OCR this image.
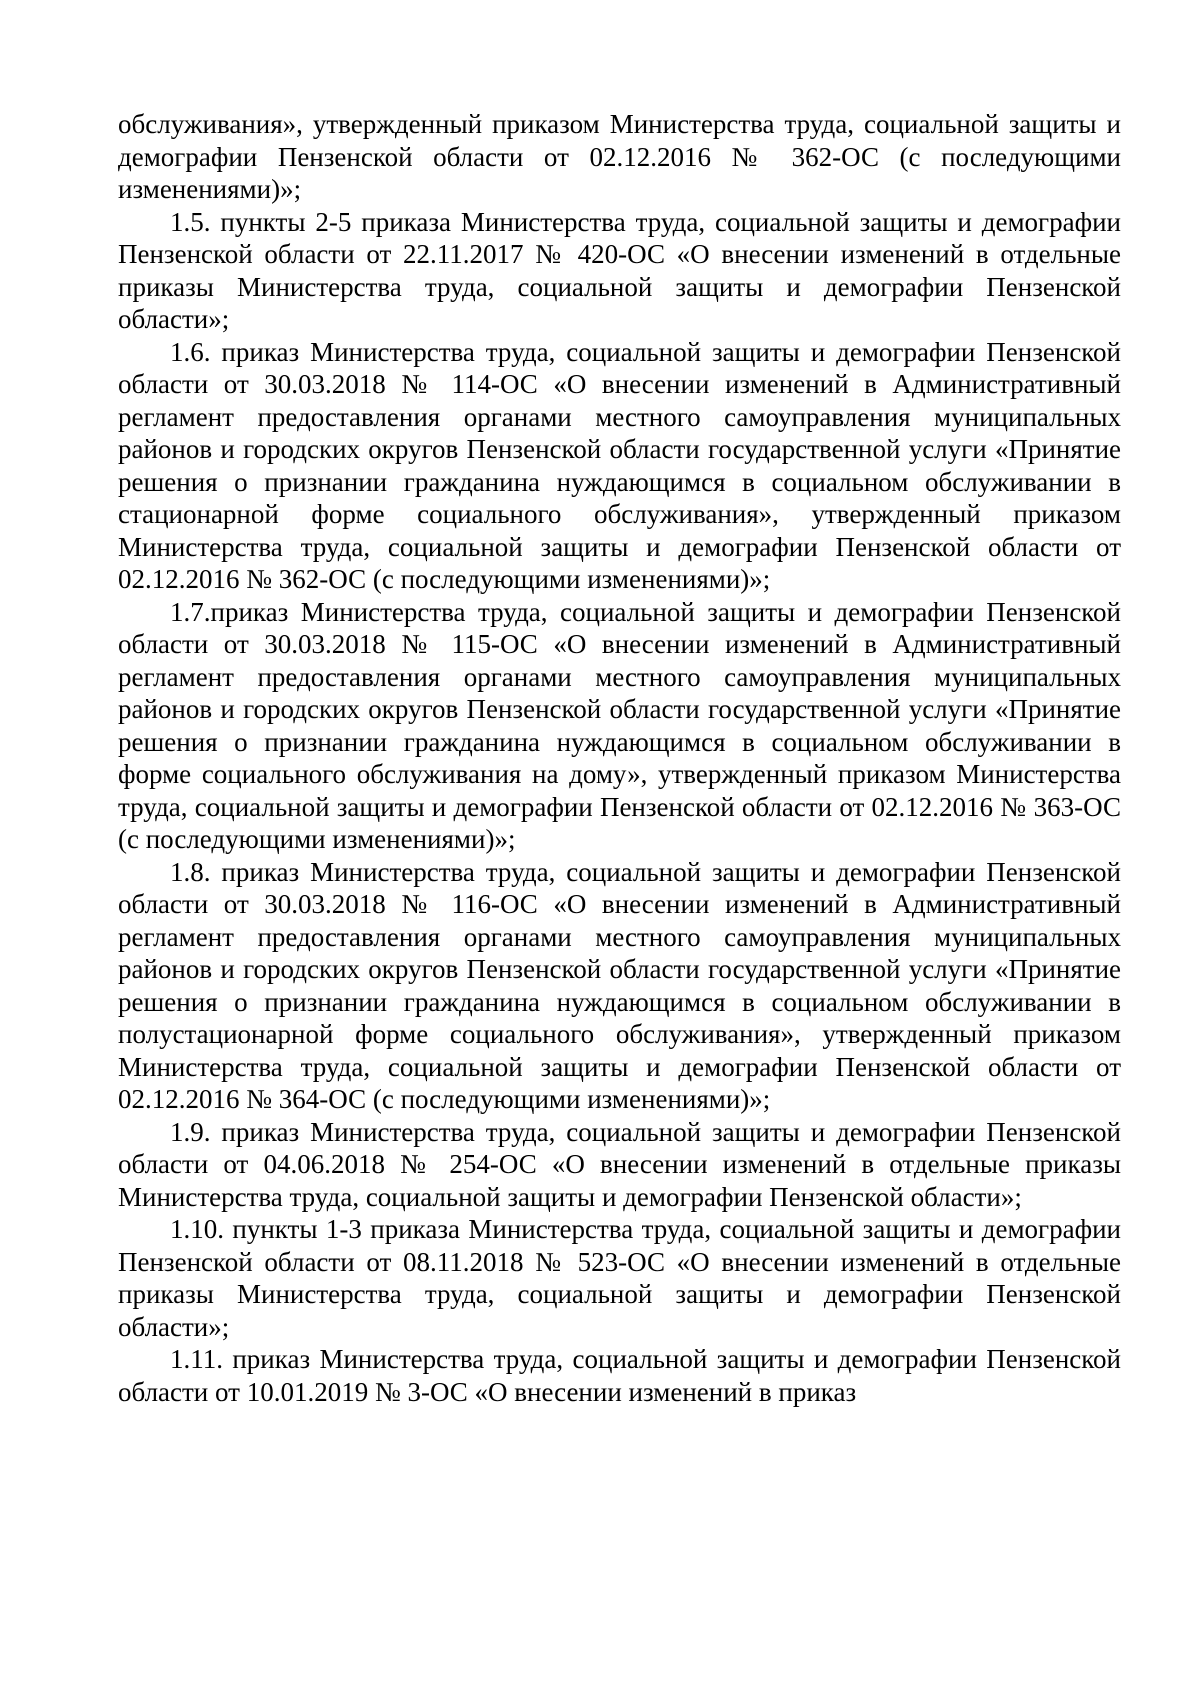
обслуживания», утвержденный приказом Министерства труда, социальной защиты и демографии Пензенской области от 02.12.2016 № 362-ОС (с последующими изменениями)»;

1.5. пункты 2-5 приказа Министерства труда, социальной защиты и демографии Пензенской области от 22.11.2017 № 420-ОС «О внесении изменений в отдельные приказы Министерства труда, социальной защиты и демографии Пензенской области»;

1.6. приказ Министерства труда, социальной защиты и демографии Пензенской области от 30.03.2018 № 114-ОС «О внесении изменений в Административный регламент предоставления органами местного самоуправления муниципальных районов и городских округов Пензенской области государственной услуги «Принятие решения о признании гражданина нуждающимся в социальном обслуживании в стационарной форме социального обслуживания», утвержденный приказом Министерства труда, социальной защиты и демографии Пензенской области от 02.12.2016 № 362-ОС (с последующими изменениями)»;

1.7.приказ Министерства труда, социальной защиты и демографии Пензенской области от 30.03.2018 № 115-ОС «О внесении изменений в Административный регламент предоставления органами местного самоуправления муниципальных районов и городских округов Пензенской области государственной услуги «Принятие решения о признании гражданина нуждающимся в социальном обслуживании в форме социального обслуживания на дому», утвержденный приказом Министерства труда, социальной защиты и демографии Пензенской области от 02.12.2016 № 363-ОС (с последующими изменениями)»;

1.8. приказ Министерства труда, социальной защиты и демографии Пензенской области от 30.03.2018 № 116-ОС «О внесении изменений в Административный регламент предоставления органами местного самоуправления муниципальных районов и городских округов Пензенской области государственной услуги «Принятие решения о признании гражданина нуждающимся в социальном обслуживании в полустационарной форме социального обслуживания», утвержденный приказом Министерства труда, социальной защиты и демографии Пензенской области от 02.12.2016 № 364-ОС (с последующими изменениями)»;

1.9. приказ Министерства труда, социальной защиты и демографии Пензенской области от 04.06.2018 № 254-ОС «О внесении изменений в отдельные приказы Министерства труда, социальной защиты и демографии Пензенской области»;

1.10. пункты 1-3 приказа Министерства труда, социальной защиты и демографии Пензенской области от 08.11.2018 № 523-ОС «О внесении изменений в отдельные приказы Министерства труда, социальной защиты и демографии Пензенской области»;

1.11. приказ Министерства труда, социальной защиты и демографии Пензенской области от 10.01.2019 № 3-ОС «О внесении изменений в приказ
